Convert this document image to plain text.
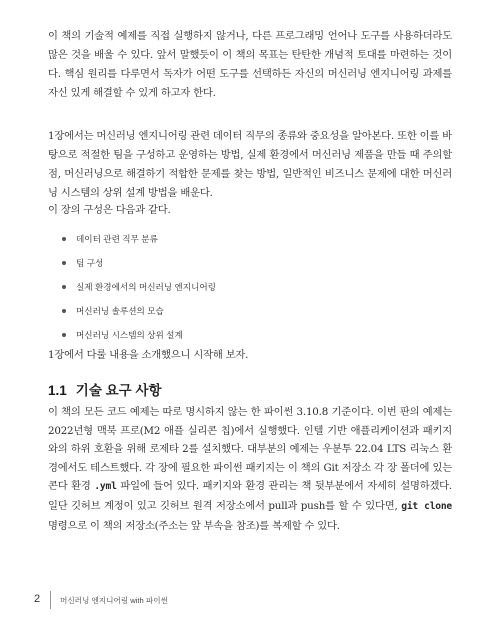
이 책의 기술적 예제를 직접 실행하지 않거나, 다른 프로그래밍 언어나 도구를 사용하더라도 많은 것을 배울 수 있다. 앞서 말했듯이 이 책의 목표는 탄탄한 개념적 토대를 마련하는 것이다. 핵심 원리를 다루면서 독자가 어떤 도구를 선택하든 자신의 머신러닝 엔지니어링 과제를 자신 있게 해결할 수 있게 하고자 한다.

1장에서는 머신러닝 엔지니어링 관련 데이터 직무의 종류와 중요성을 알아본다. 또한 이를 바탕으로 적절한 팀을 구성하고 운영하는 방법, 실제 환경에서 머신러닝 제품을 만들 때 주의할 점, 머신러닝으로 해결하기 적합한 문제를 찾는 방법, 일반적인 비즈니스 문제에 대한 머신러닝 시스템의 상위 설계 방법을 배운다.

이 장의 구성은 다음과 같다.

데이터 관련 직무 분류
팀 구성
실제 환경에서의 머신러닝 엔지니어링
머신러닝 솔루션의 모습
머신러닝 시스템의 상위 설계

1장에서 다룰 내용을 소개했으니 시작해 보자.

1.1 기술 요구 사항

이 책의 모든 코드 예제는 따로 명시하지 않는 한 파이썬 3.10.8 기준이다. 이번 판의 예제는 2022년형 맥북 프로(M2 애플 실리콘 칩)에서 실행했다. 인텔 기반 애플리케이션과 패키지와의 하위 호환을 위해 로제타 2를 설치했다. 대부분의 예제는 우분투 22.04 LTS 리눅스 환경에서도 테스트했다. 각 장에 필요한 파이썬 패키지는 이 책의 Git 저장소 각 장 폴더에 있는 콘다 환경 .yml 파일에 들어 있다. 패키지와 환경 관리는 책 뒷부분에서 자세히 설명하겠다. 일단 깃허브 계정이 있고 깃허브 원격 저장소에서 pull과 push를 할 수 있다면, git clone 명령으로 이 책의 저장소(주소는 앞 부속을 참조)를 복제할 수 있다.

2	머신러닝 엔지니어링 with 파이썬
